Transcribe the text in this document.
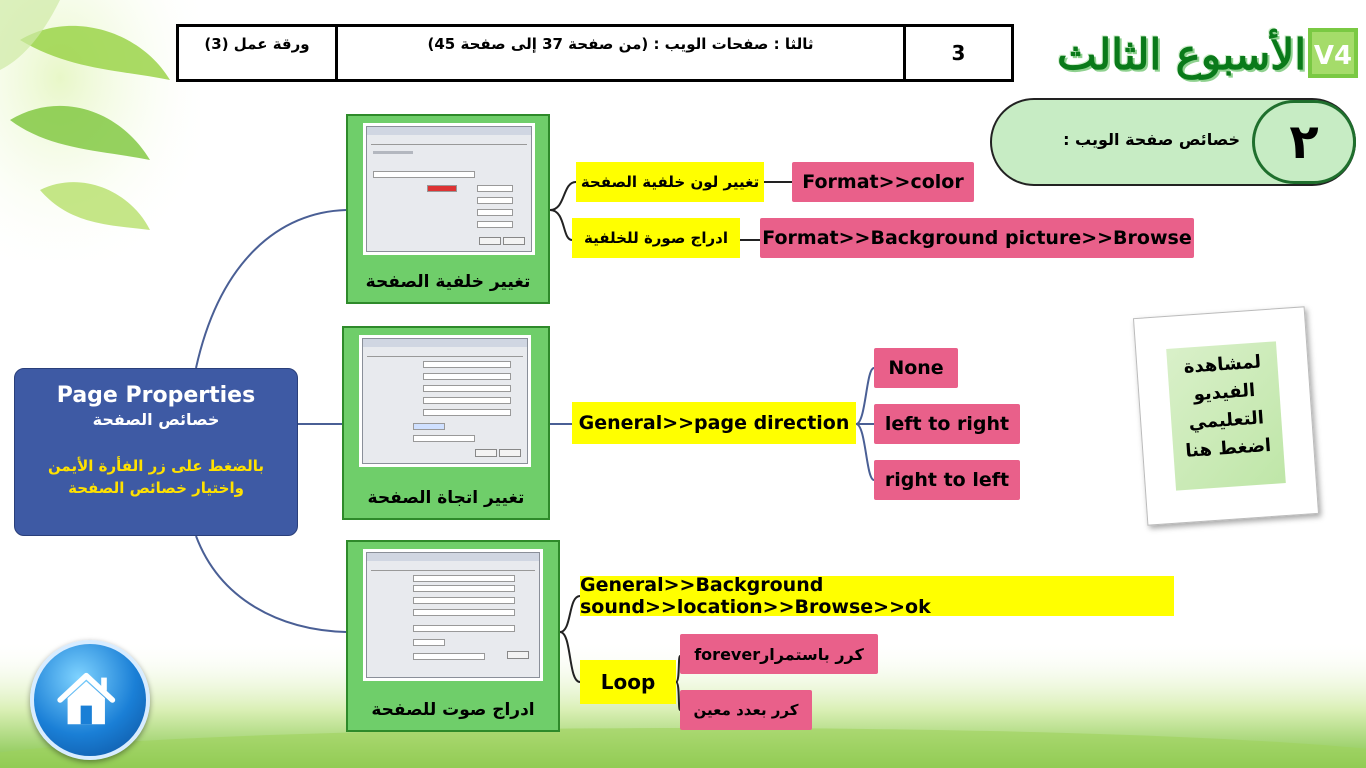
ورقة عمل (3)	ثالثا : صفحات الويب : (من صفحة 37 إلى صفحة 45)	3	الأسبوع الثالث V4
خصائص صفحة الويب :	٢
Page Properties
خصائص الصفحة
بالضغط على زر الفأرة الأيمن
واختيار خصائص الصفحة
تغيير خلفية الصفحة
تغيير اتجاة الصفحة
ادراج صوت للصفحة
تغيير لون خلفية الصفحة	Format>>color
ادراج صورة للخلفية	Format>>Background picture>>Browse
General>>page direction
None
left to right
right to left
General>>Background sound>>location>>Browse>>ok
Loop
كرر باستمرارforever
كرر بعدد معين
لمشاهدة
الفيديو
التعليمي
اضغط هنا
